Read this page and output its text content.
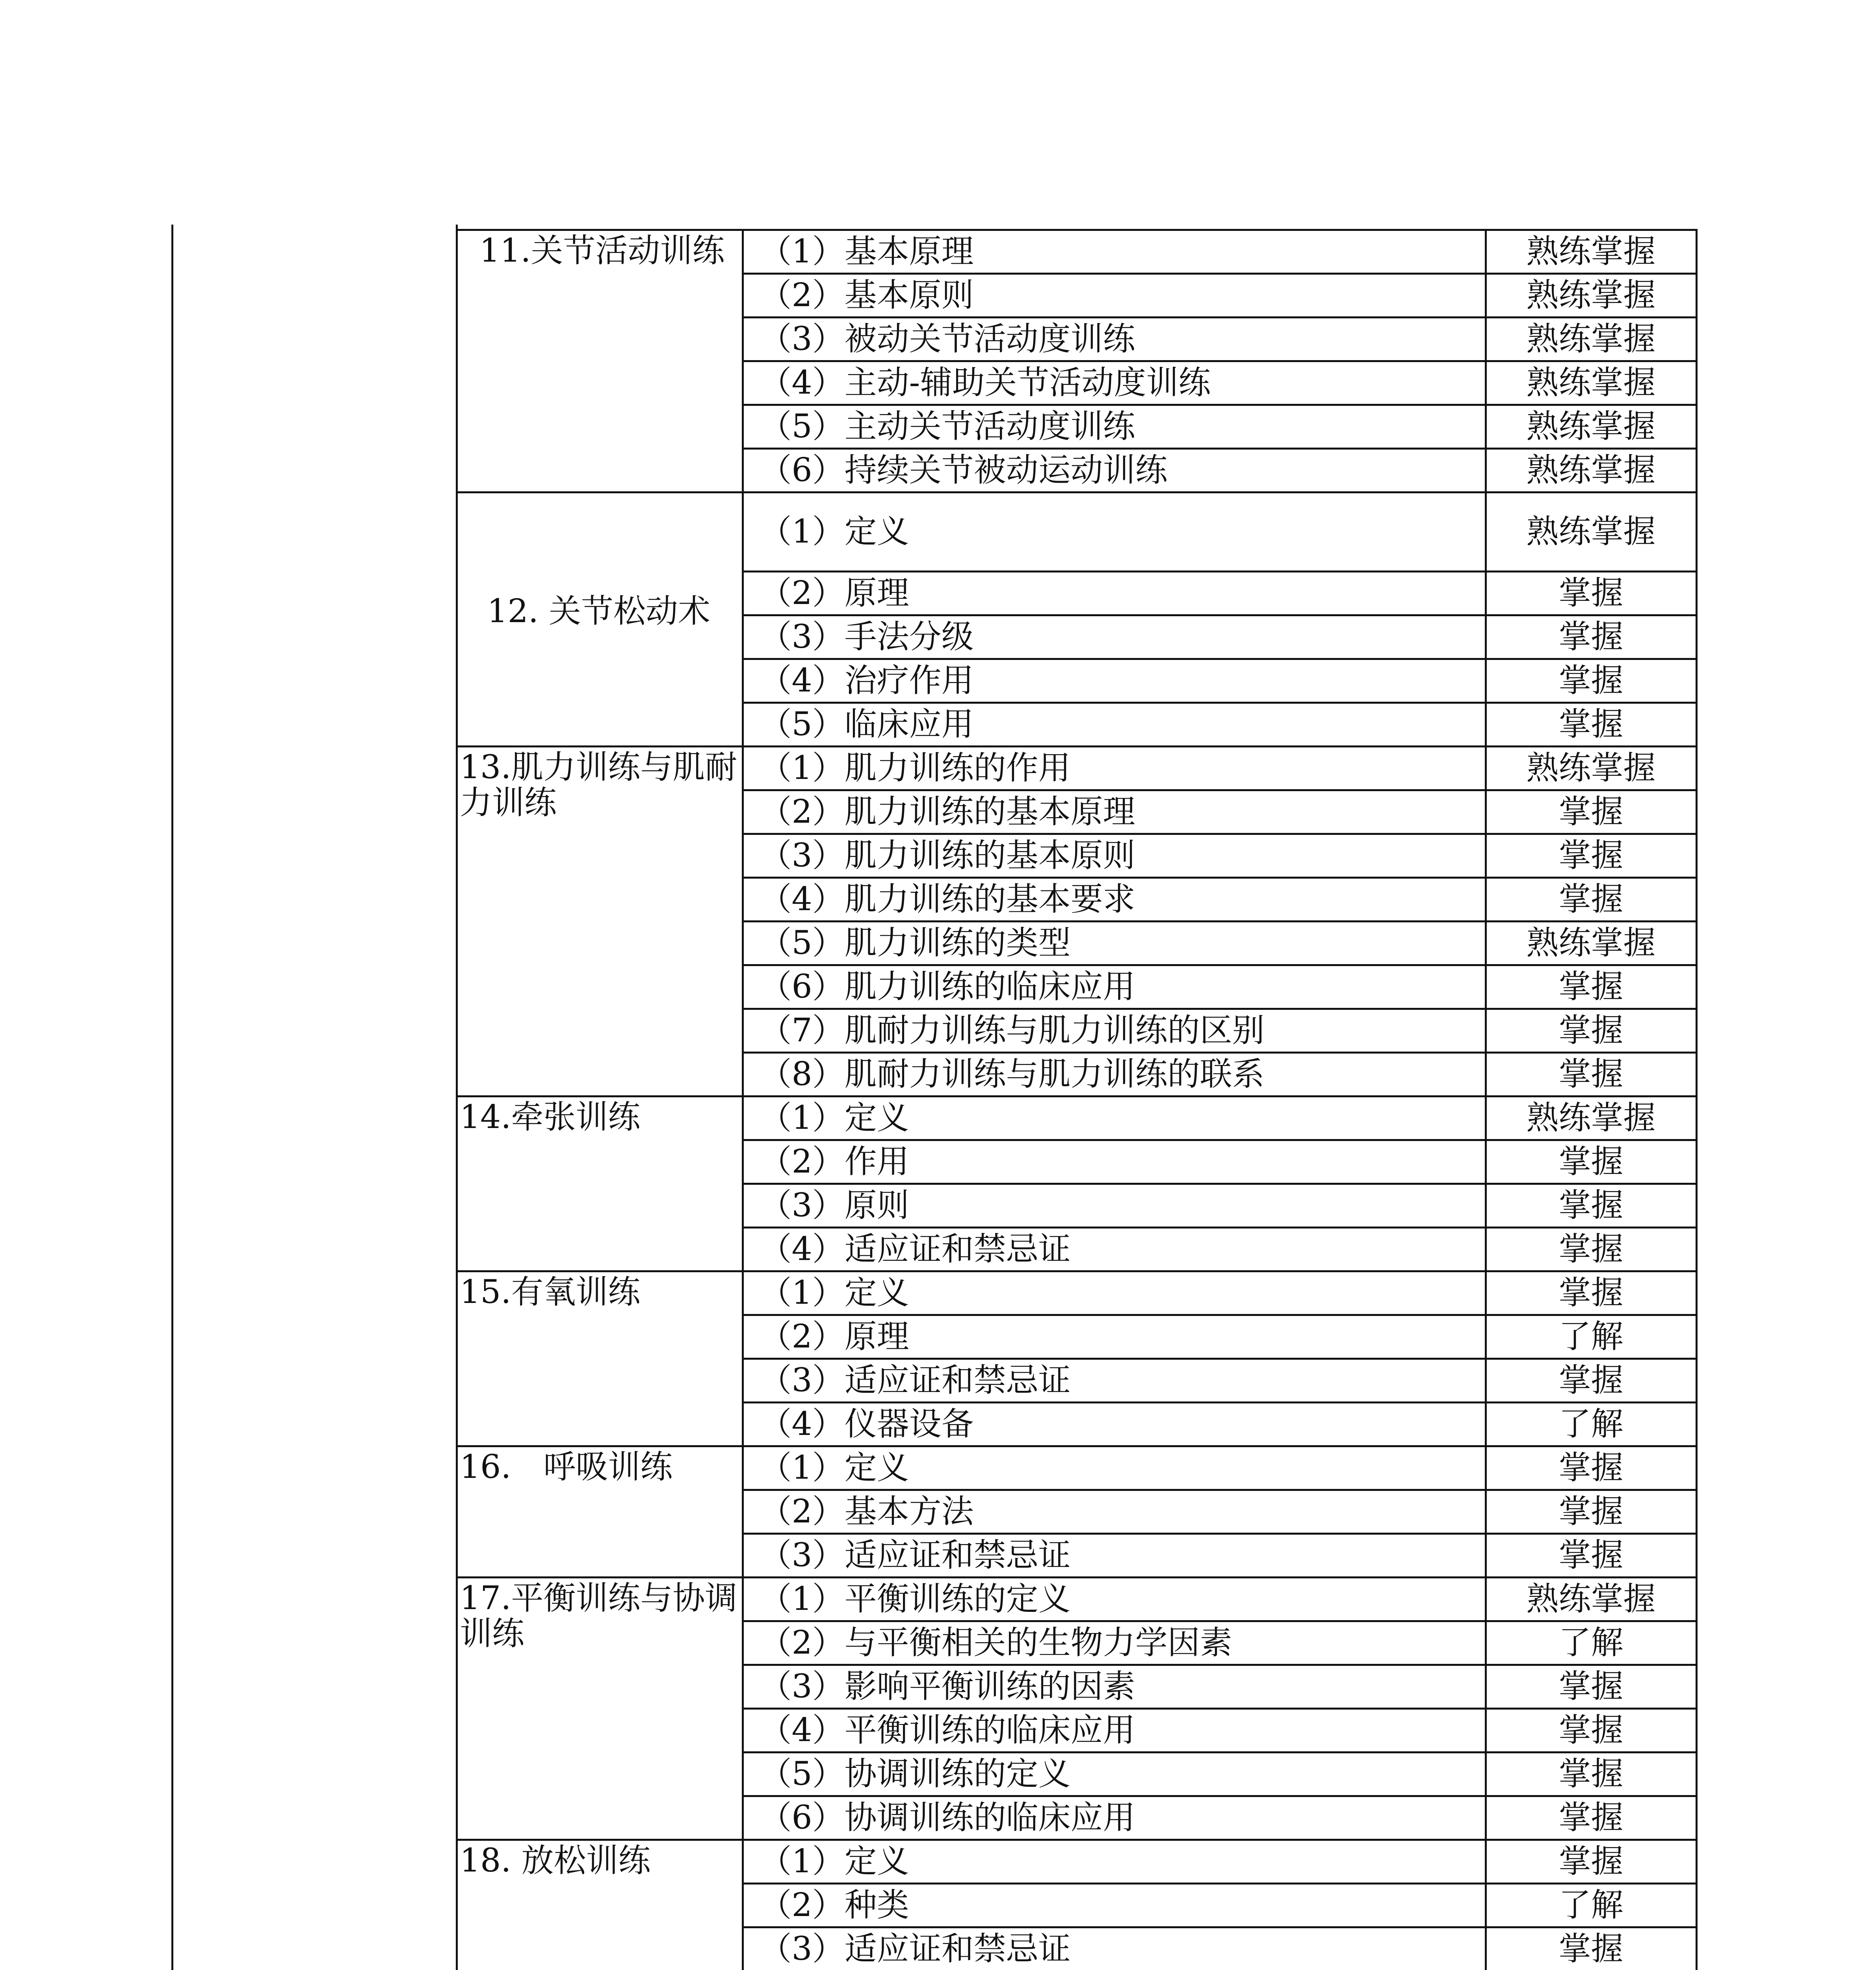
11.关节活动训练	（1）基本原理	熟练掌握
	（2）基本原则	熟练掌握
	（3）被动关节活动度训练	熟练掌握
	（4）主动-辅助关节活动度训练	熟练掌握
	（5）主动关节活动度训练	熟练掌握
	（6）持续关节被动运动训练	熟练掌握
12. 关节松动术	（1）定义	熟练掌握
	（2）原理	掌握
	（3）手法分级	掌握
	（4）治疗作用	掌握
	（5）临床应用	掌握
13.肌力训练与肌耐力训练	（1）肌力训练的作用	熟练掌握
	（2）肌力训练的基本原理	掌握
	（3）肌力训练的基本原则	掌握
	（4）肌力训练的基本要求	掌握
	（5）肌力训练的类型	熟练掌握
	（6）肌力训练的临床应用	掌握
	（7）肌耐力训练与肌力训练的区别	掌握
	（8）肌耐力训练与肌力训练的联系	掌握
14.牵张训练	（1）定义	熟练掌握
	（2）作用	掌握
	（3）原则	掌握
	（4）适应证和禁忌证	掌握
15.有氧训练	（1）定义	掌握
	（2）原理	了解
	（3）适应证和禁忌证	掌握
	（4）仪器设备	了解
16.　呼吸训练	（1）定义	掌握
	（2）基本方法	掌握
	（3）适应证和禁忌证	掌握
17.平衡训练与协调训练	（1）平衡训练的定义	熟练掌握
	（2）与平衡相关的生物力学因素	了解
	（3）影响平衡训练的因素	掌握
	（4）平衡训练的临床应用	掌握
	（5）协调训练的定义	掌握
	（6）协调训练的临床应用	掌握
18. 放松训练	（1）定义	掌握
	（2）种类	了解
	（3）适应证和禁忌证	掌握
